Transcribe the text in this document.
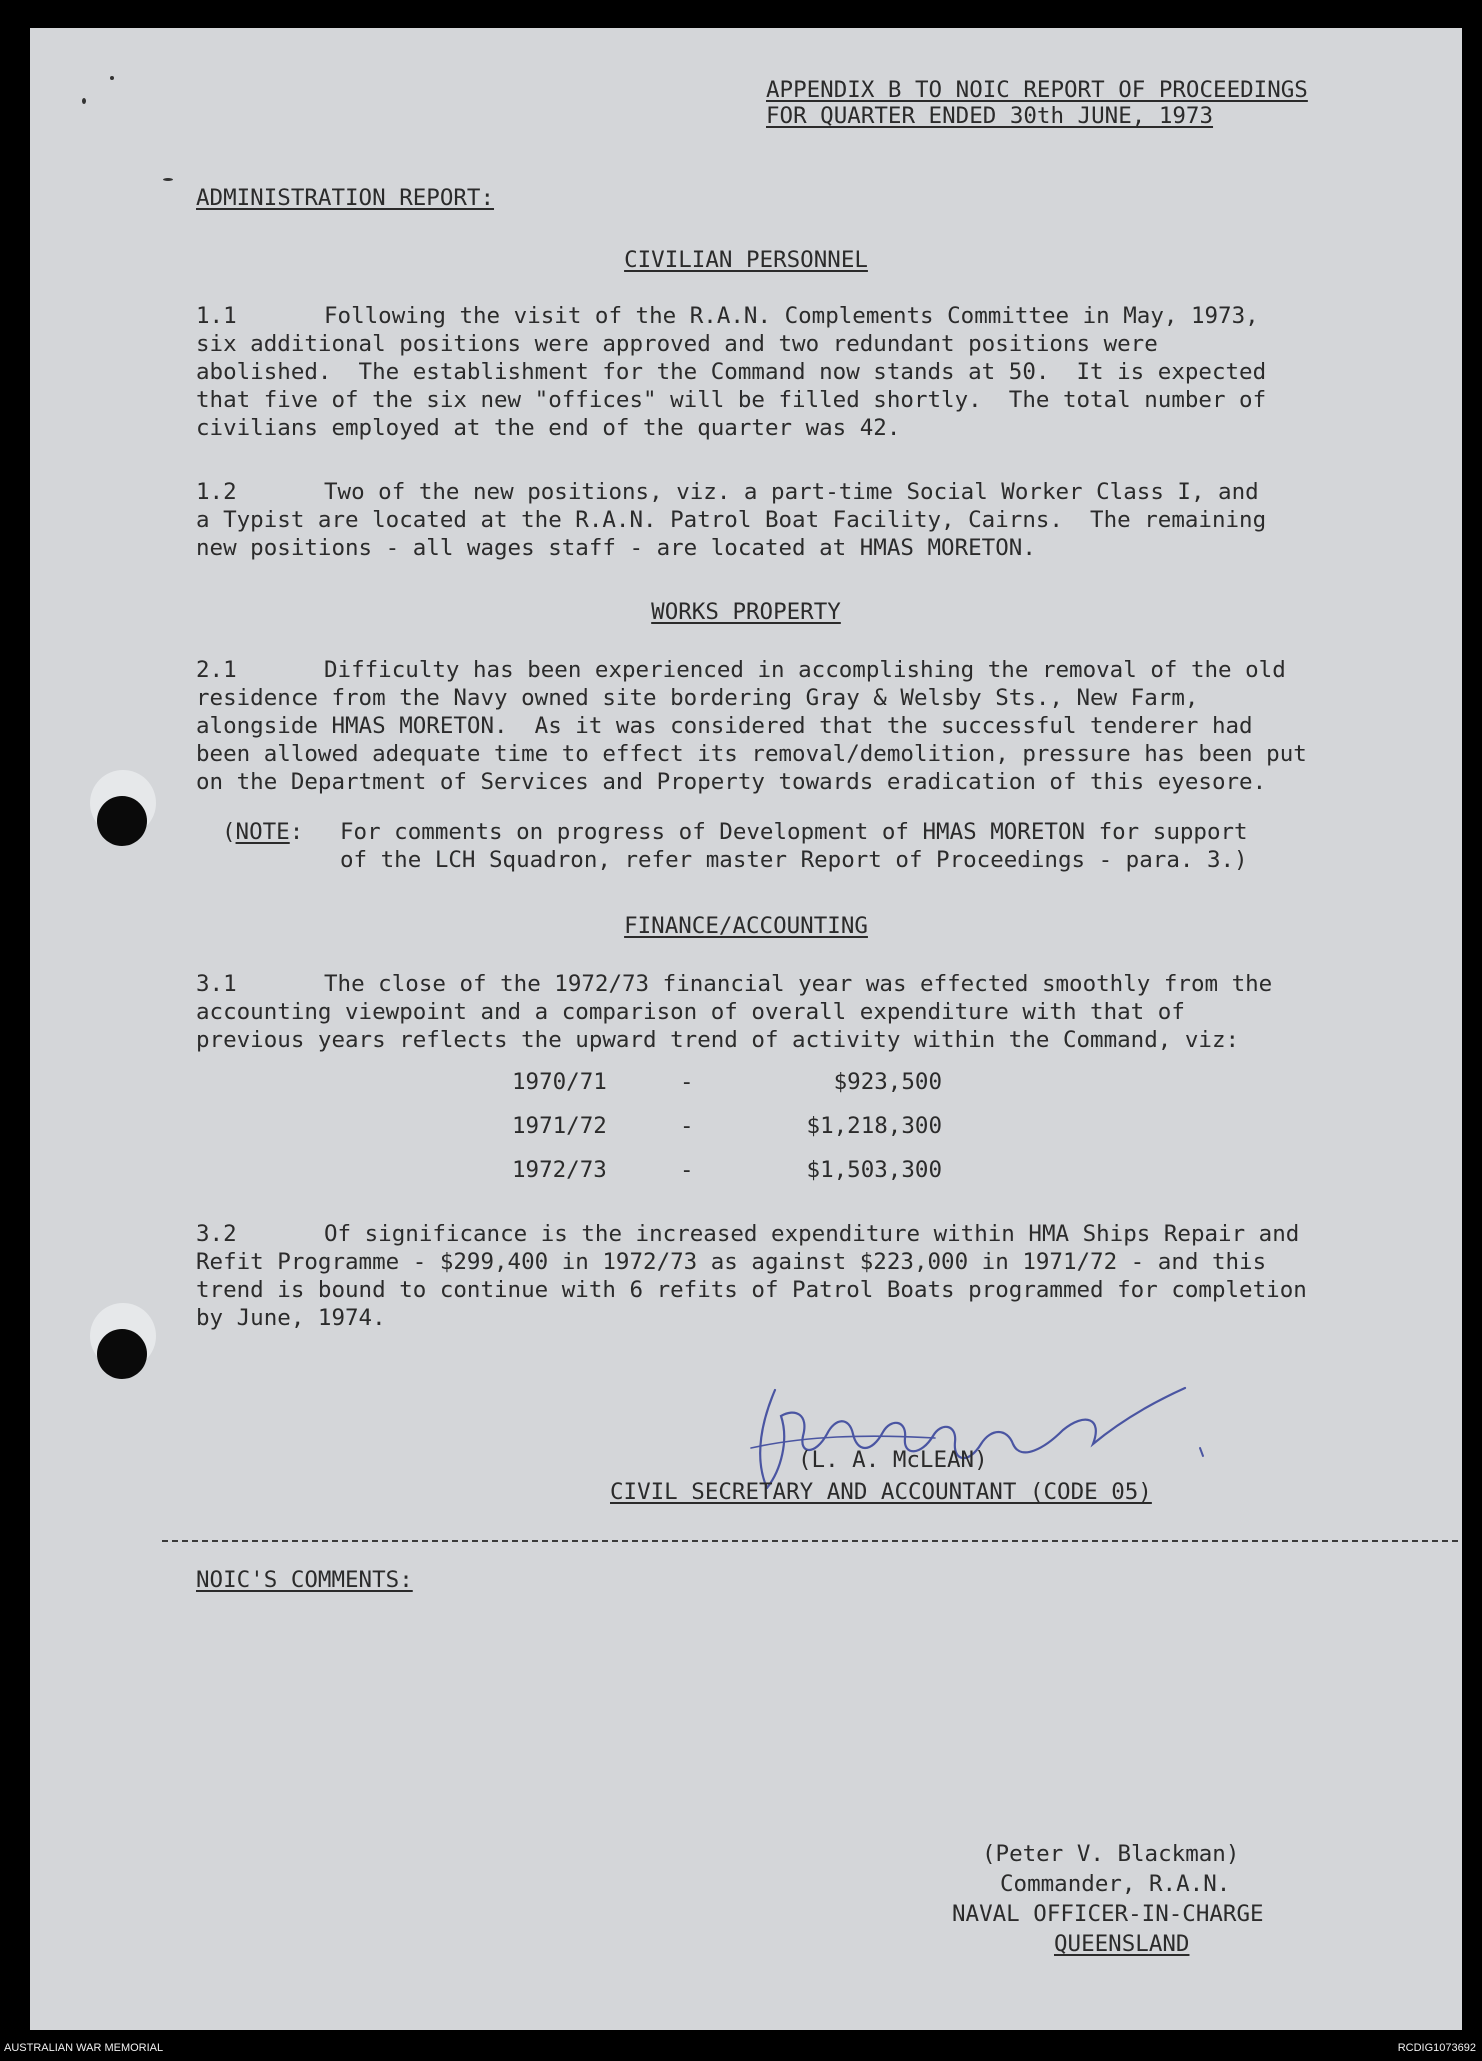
APPENDIX B TO NOIC REPORT OF PROCEEDINGS
FOR QUARTER ENDED 30th JUNE, 1973
ADMINISTRATION REPORT:
CIVILIAN PERSONNEL
1.1	Following the visit of the R.A.N. Complements Committee in May, 1973,
six additional positions were approved and two redundant positions were
abolished.  The establishment for the Command now stands at 50.  It is expected
that five of the six new "offices" will be filled shortly.  The total number of
civilians employed at the end of the quarter was 42.
1.2	Two of the new positions, viz. a part-time Social Worker Class I, and
a Typist are located at the R.A.N. Patrol Boat Facility, Cairns.  The remaining
new positions - all wages staff - are located at HMAS MORETON.
WORKS PROPERTY
2.1	Difficulty has been experienced in accomplishing the removal of the old
residence from the Navy owned site bordering Gray & Welsby Sts., New Farm,
alongside HMAS MORETON.  As it was considered that the successful tenderer had
been allowed adequate time to effect its removal/demolition, pressure has been put
on the Department of Services and Property towards eradication of this eyesore.
(NOTE: For comments on progress of Development of HMAS MORETON for support
of the LCH Squadron, refer master Report of Proceedings - para. 3.)
FINANCE/ACCOUNTING
3.1	The close of the 1972/73 financial year was effected smoothly from the
accounting viewpoint and a comparison of overall expenditure with that of
previous years reflects the upward trend of activity within the Command, viz:
1970/71	-	$923,500
1971/72	-	$1,218,300
1972/73	-	$1,503,300
3.2	Of significance is the increased expenditure within HMA Ships Repair and
Refit Programme - $299,400 in 1972/73 as against $223,000 in 1971/72 - and this
trend is bound to continue with 6 refits of Patrol Boats programmed for completion
by June, 1974.
(L. A. McLEAN)
CIVIL SECRETARY AND ACCOUNTANT (CODE 05)
NOIC'S COMMENTS:
(Peter V. Blackman)
Commander, R.A.N.
NAVAL OFFICER-IN-CHARGE
QUEENSLAND
AUSTRALIAN WAR MEMORIAL	RCDIG1073692
